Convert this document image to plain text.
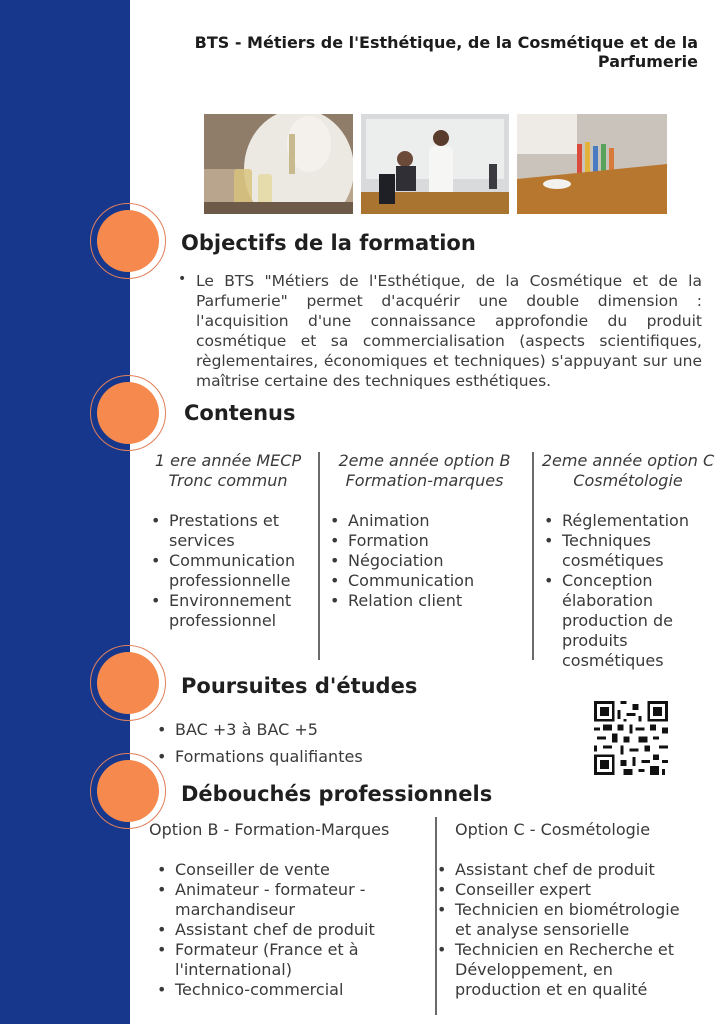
BTS - Métiers de l'Esthétique, de la Cosmétique et de la Parfumerie
Objectifs de la formation
• Le BTS "Métiers de l'Esthétique, de la Cosmétique et de la Parfumerie" permet d'acquérir une double dimension : l'acquisition d'une connaissance approfondie du produit cosmétique et sa commercialisation (aspects scientifiques, règlementaires, économiques et techniques) s'appuyant sur une maîtrise certaine des techniques esthétiques.

Contenus
1 ere année MECP
Tronc commun
• Prestations et services
• Communication professionnelle
• Environnement professionnel
2eme année option B
Formation-marques
• Animation
• Formation
• Négociation
• Communication
• Relation client
2eme année option C
Cosmétologie
• Réglementation
• Techniques cosmétiques
• Conception élaboration production de produits cosmétiques
Poursuites d'études
• BAC +3 à BAC +5
• Formations qualifiantes
Débouchés professionnels
Option B - Formation-Marques
• Conseiller de vente
• Animateur - formateur - marchandiseur
• Assistant chef de produit
• Formateur (France et à l'international)
• Technico-commercial
Option C - Cosmétologie
• Assistant chef de produit
• Conseiller expert
• Technicien en biométrologie et analyse sensorielle
• Technicien en Recherche et Développement, en production et en qualité
